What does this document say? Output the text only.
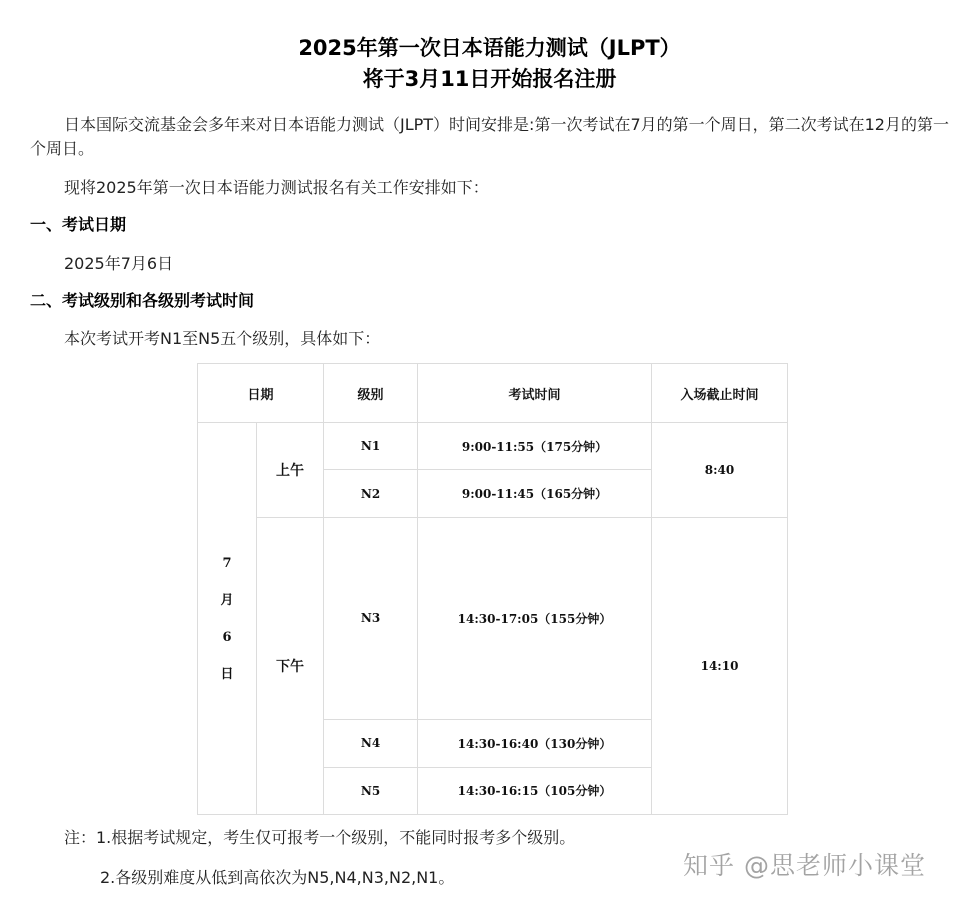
2025年第一次日本语能力测试（JLPT）
将于3月11日开始报名注册
日本国际交流基金会多年来对日本语能力测试（JLPT）时间安排是:第一次考试在7月的第一个周日，第二次考试在12月的第一个周日。
现将2025年第一次日本语能力测试报名有关工作安排如下：
一、考试日期
2025年7月6日
二、考试级别和各级别考试时间
本次考试开考N1至N5五个级别，具体如下：
日期		级别	考试时间	入场截止时间

7
月
6
日	上午	N1	9:00-11:55（175分钟）	8:40
		N2	9:00-11:45（165分钟）	
	下午	N3	14:30-17:05（155分钟）	14:10
		N4	14:30-16:40（130分钟）	
		N5	14:30-16:15（105分钟）	
注：1.根据考试规定，考生仅可报考一个级别，不能同时报考多个级别。
2.各级别难度从低到高依次为N5,N4,N3,N2,N1。	知乎 @思老师小课堂
